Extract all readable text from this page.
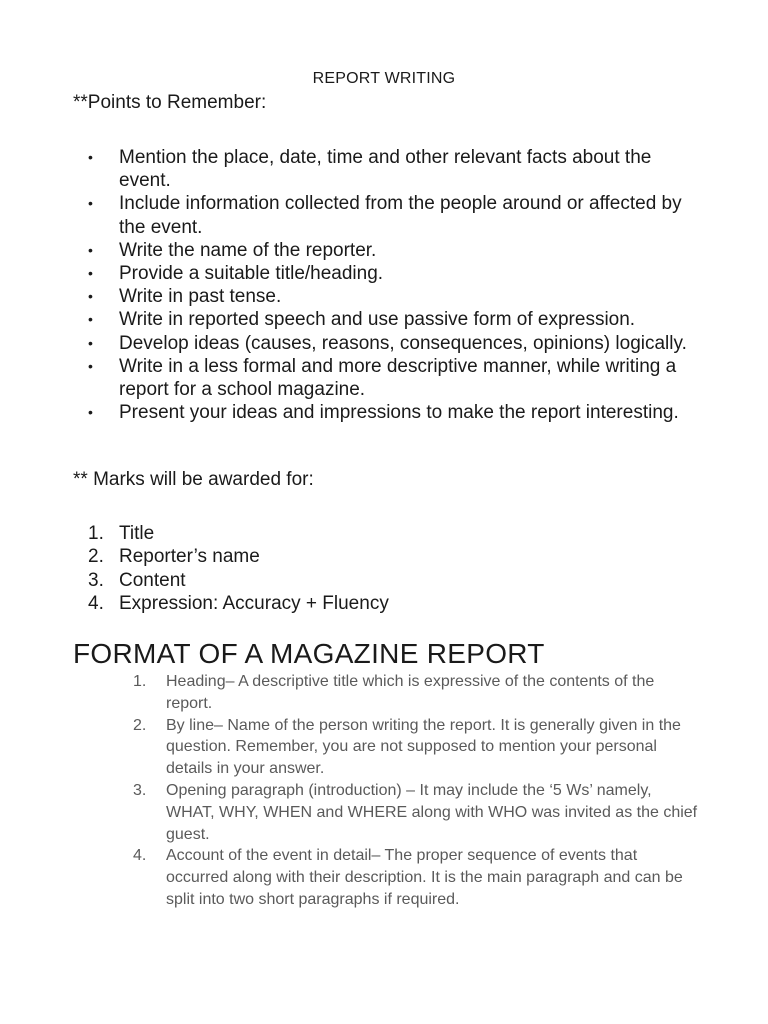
REPORT WRITING
**Points to Remember:
• Mention the place, date, time and other relevant facts about the event.
• Include information collected from the people around or affected by the event.
• Write the name of the reporter.
• Provide a suitable title/heading.
• Write in past tense.
• Write in reported speech and use passive form of expression.
• Develop ideas (causes, reasons, consequences, opinions) logically.
• Write in a less formal and more descriptive manner, while writing a report for a school magazine.
• Present your ideas and impressions to make the report interesting.
** Marks will be awarded for:
1. Title
2. Reporter’s name
3. Content
4. Expression: Accuracy + Fluency
FORMAT OF A MAGAZINE REPORT
1. Heading– A descriptive title which is expressive of the contents of the report.
2. By line– Name of the person writing the report. It is generally given in the question. Remember, you are not supposed to mention your personal details in your answer.
3. Opening paragraph (introduction) – It may include the ‘5 Ws’ namely, WHAT, WHY, WHEN and WHERE along with WHO was invited as the chief guest.
4. Account of the event in detail– The proper sequence of events that occurred along with their description. It is the main paragraph and can be split into two short paragraphs if required.
